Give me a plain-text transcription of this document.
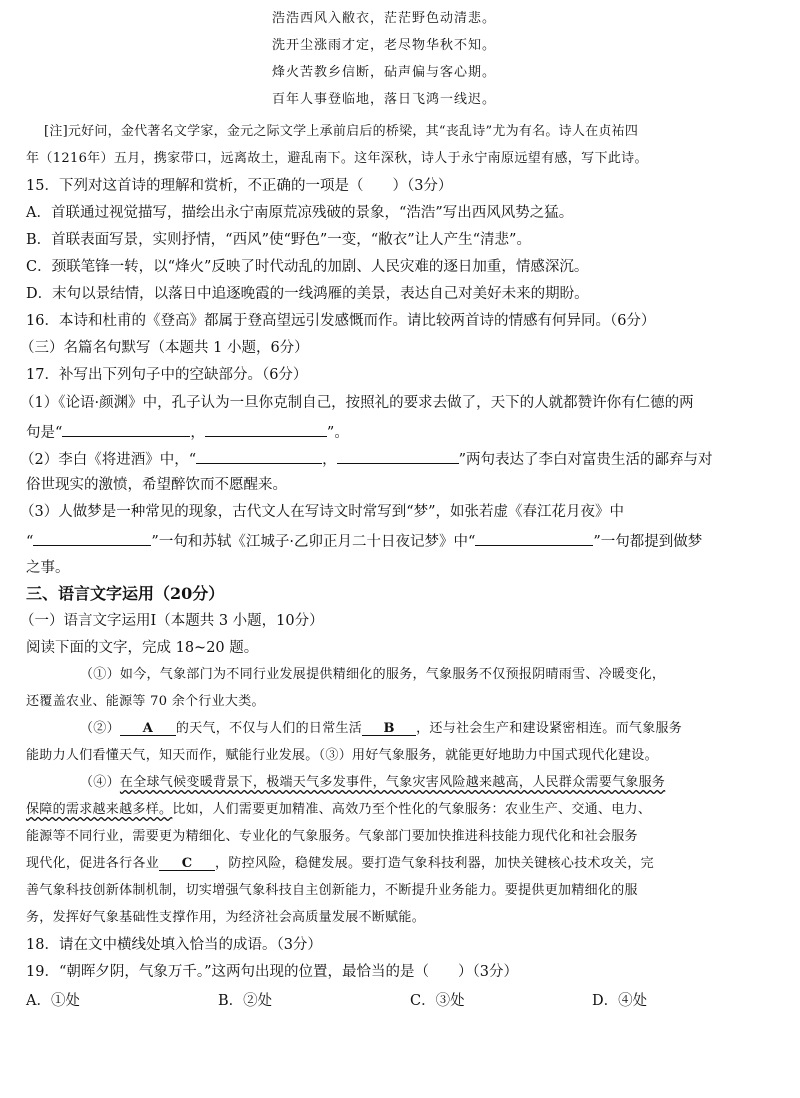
浩浩西风入敝衣，茫茫野色动清悲。
洗开尘涨雨才定，老尽物华秋不知。
烽火苦教乡信断，砧声偏与客心期。
百年人事登临地，落日飞鸿一线迟。
[注]元好问，金代著名文学家，金元之际文学上承前启后的桥梁，其“丧乱诗”尤为有名。诗人在贞祐四
年（1216年）五月，携家带口，远离故土，避乱南下。这年深秋，诗人于永宁南原远望有感，写下此诗。
15．下列对这首诗的理解和赏析，不正确的一项是（　　）（3分）
A．首联通过视觉描写，描绘出永宁南原荒凉残破的景象，“浩浩”写出西风风势之猛。
B．首联表面写景，实则抒情，“西风”使“野色”一变，“敝衣”让人产生“清悲”。
C．颈联笔锋一转，以“烽火”反映了时代动乱的加剧、人民灾难的逐日加重，情感深沉。
D．末句以景结情，以落日中追逐晚霞的一线鸿雁的美景，表达自己对美好未来的期盼。
16．本诗和杜甫的《登高》都属于登高望远引发感慨而作。请比较两首诗的情感有何异同。（6分）
（三）名篇名句默写（本题共 1 小题，6分）
17．补写出下列句子中的空缺部分。（6分）
（1）《论语·颜渊》中，孔子认为一旦你克制自己，按照礼的要求去做了，天下的人就都赞许你有仁德的两
句是“	，	”。
（2）李白《将进酒》中，“	，	”两句表达了李白对富贵生活的鄙弃与对
俗世现实的激愤，希望醉饮而不愿醒来。
（3）人做梦是一种常见的现象，古代文人在写诗文时常写到“梦”，如张若虚《春江花月夜》中
“	”一句和苏轼《江城子·乙卯正月二十日夜记梦》中“	”一句都提到做梦
之事。
三、语言文字运用（20分）
（一）语言文字运用Ⅰ（本题共 3 小题，10分）
阅读下面的文字，完成 18~20 题。
（①）如今，气象部门为不同行业发展提供精细化的服务，气象服务不仅预报阴晴雨雪、冷暖变化，
还覆盖农业、能源等 70 余个行业大类。
（②） A 的天气，不仅与人们的日常生活 B ，还与社会生产和建设紧密相连。而气象服务
能助力人们看懂天气，知天而作，赋能行业发展。（③）用好气象服务，就能更好地助力中国式现代化建设。
（④）在全球气候变暖背景下，极端天气多发事件，气象灾害风险越来越高，人民群众需要气象服务
保障的需求越来越多样。比如，人们需要更加精准、高效乃至个性化的气象服务：农业生产、交通、电力、
能源等不同行业，需要更为精细化、专业化的气象服务。气象部门要加快推进科技能力现代化和社会服务
现代化，促进各行各业 C ，防控风险，稳健发展。要打造气象科技利器，加快关键核心技术攻关，完
善气象科技创新体制机制，切实增强气象科技自主创新能力，不断提升业务能力。要提供更加精细化的服
务，发挥好气象基础性支撑作用，为经济社会高质量发展不断赋能。
18．请在文中横线处填入恰当的成语。（3分）
19．“朝晖夕阴，气象万千。”这两句出现的位置，最恰当的是（　　）（3分）
A．①处	B．②处	C．③处	D．④处
